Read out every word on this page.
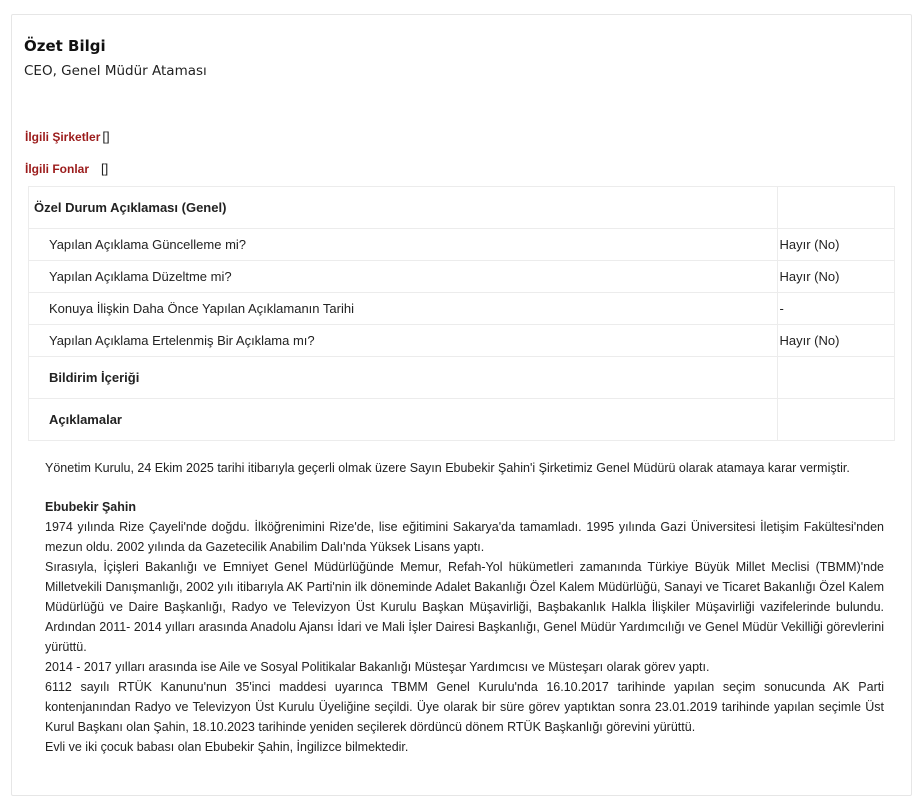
Özet Bilgi
CEO, Genel Müdür Ataması
İlgili Şirketler []
İlgili Fonlar []
Özel Durum Açıklaması (Genel)	
Yapılan Açıklama Güncelleme mi?	Hayır (No)
Yapılan Açıklama Düzeltme mi?	Hayır (No)
Konuya İlişkin Daha Önce Yapılan Açıklamanın Tarihi	-
Yapılan Açıklama Ertelenmiş Bir Açıklama mı?	Hayır (No)
Bildirim İçeriği	
Açıklamalar	

Yönetim Kurulu, 24 Ekim 2025 tarihi itibarıyla geçerli olmak üzere Sayın Ebubekir Şahin'i Şirketimiz Genel Müdürü olarak atamaya karar vermiştir.

Ebubekir Şahin

1974 yılında Rize Çayeli'nde doğdu. İlköğrenimini Rize'de, lise eğitimini Sakarya'da tamamladı. 1995 yılında Gazi Üniversitesi İletişim Fakültesi'nden mezun oldu. 2002 yılında da Gazetecilik Anabilim Dalı'nda Yüksek Lisans yaptı.

Sırasıyla, İçişleri Bakanlığı ve Emniyet Genel Müdürlüğünde Memur, Refah-Yol hükümetleri zamanında Türkiye Büyük Millet Meclisi (TBMM)'nde Milletvekili Danışmanlığı, 2002 yılı itibarıyla AK Parti'nin ilk döneminde Adalet Bakanlığı Özel Kalem Müdürlüğü, Sanayi ve Ticaret Bakanlığı Özel Kalem Müdürlüğü ve Daire Başkanlığı, Radyo ve Televizyon Üst Kurulu Başkan Müşavirliği, Başbakanlık Halkla İlişkiler Müşavirliği vazifelerinde bulundu. Ardından 2011- 2014 yılları arasında Anadolu Ajansı İdari ve Mali İşler Dairesi Başkanlığı, Genel Müdür Yardımcılığı ve Genel Müdür Vekilliği görevlerini yürüttü.

2014 - 2017 yılları arasında ise Aile ve Sosyal Politikalar Bakanlığı Müsteşar Yardımcısı ve Müsteşarı olarak görev yaptı.

6112 sayılı RTÜK Kanunu'nun 35'inci maddesi uyarınca TBMM Genel Kurulu'nda 16.10.2017 tarihinde yapılan seçim sonucunda AK Parti kontenjanından Radyo ve Televizyon Üst Kurulu Üyeliğine seçildi. Üye olarak bir süre görev yaptıktan sonra 23.01.2019 tarihinde yapılan seçimle Üst Kurul Başkanı olan Şahin, 18.10.2023 tarihinde yeniden seçilerek dördüncü dönem RTÜK Başkanlığı görevini yürüttü.

Evli ve iki çocuk babası olan Ebubekir Şahin, İngilizce bilmektedir.
